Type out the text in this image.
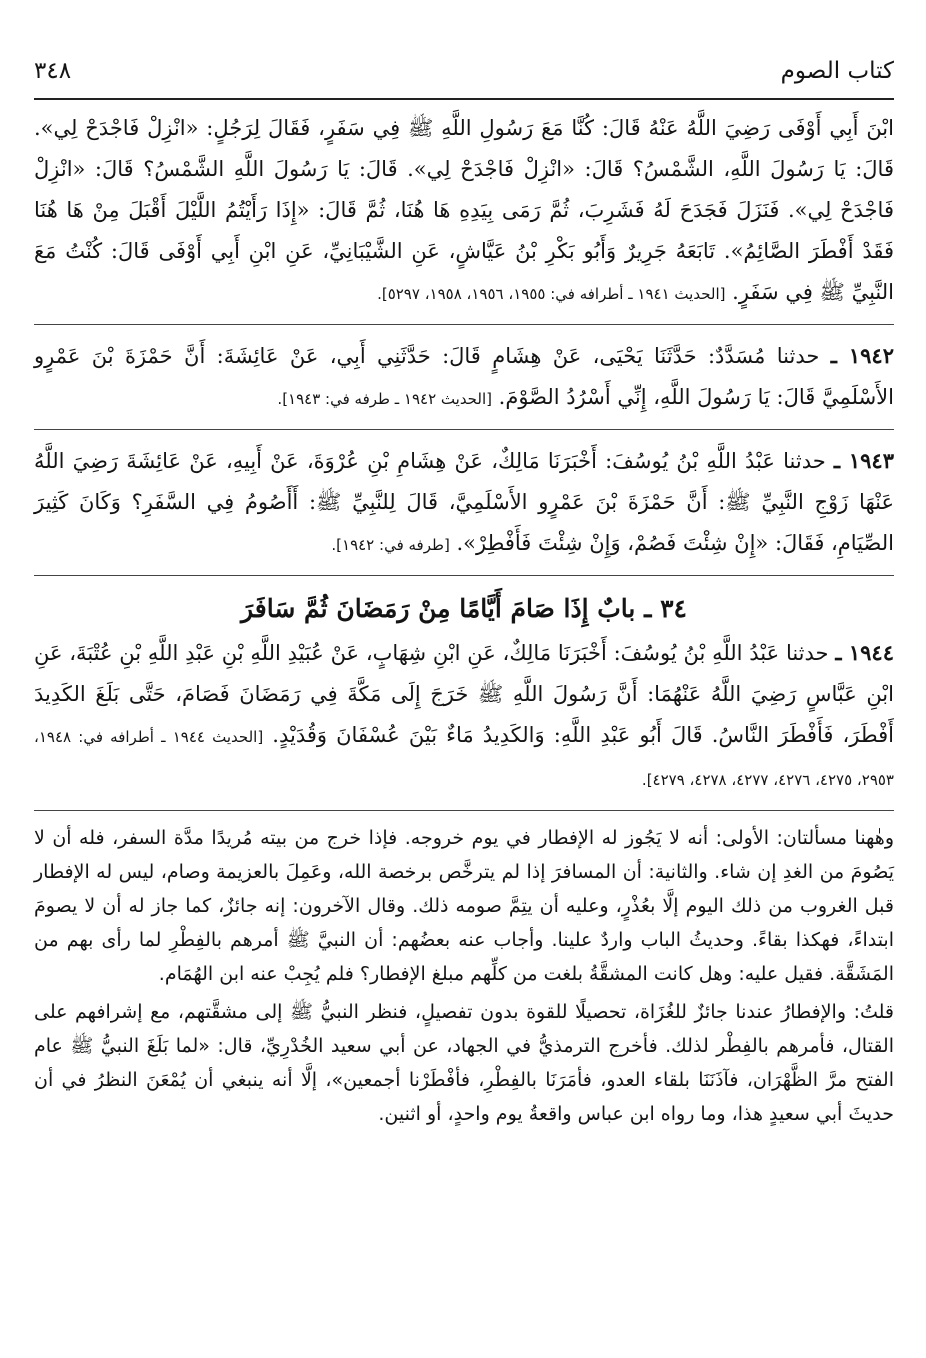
كتاب الصوم
٣٤٨

ابْنَ أَبِي أَوْفَى رَضِيَ اللَّهُ عَنْهُ قَالَ: كُنَّا مَعَ رَسُولِ اللَّهِ ﷺ فِي سَفَرٍ، فَقَالَ لِرَجُلٍ: «انْزِلْ فَاجْدَحْ لِي». قَالَ: يَا رَسُولَ اللَّهِ، الشَّمْسُ؟ قَالَ: «انْزِلْ فَاجْدَحْ لِي». قَالَ: يَا رَسُولَ اللَّهِ الشَّمْسُ؟ قَالَ: «انْزِلْ فَاجْدَحْ لِي». فَنَزَلَ فَجَدَحَ لَهُ فَشَرِبَ، ثُمَّ رَمَى بِيَدِهِ هَا هُنَا، ثُمَّ قَالَ: «إِذَا رَأَيْتُمُ اللَّيْلَ أَقْبَلَ مِنْ هَا هُنَا فَقَدْ أَفْطَرَ الصَّائِمُ». تَابَعَهُ جَرِيرٌ وَأَبُو بَكْرِ بْنُ عَيَّاشٍ، عَنِ الشَّيْبَانِيِّ، عَنِ ابْنِ أَبِي أَوْفَى قَالَ: كُنْتُ مَعَ النَّبِيِّ ﷺ فِي سَفَرٍ. [الحديث ١٩٤١ ـ أطرافه في: ١٩٥٥، ١٩٥٦، ١٩٥٨، ٥٢٩٧].

١٩٤٢ ـ حدثنا مُسَدَّدٌ: حَدَّثَنَا يَحْيَى، عَنْ هِشَامٍ قَالَ: حَدَّثَنِي أَبِي، عَنْ عَائِشَةَ: أَنَّ حَمْزَةَ بْنَ عَمْرٍو الأَسْلَمِيَّ قَالَ: يَا رَسُولَ اللَّهِ، إِنِّي أَسْرُدُ الصَّوْمَ. [الحديث ١٩٤٢ ـ طرفه في: ١٩٤٣].

١٩٤٣ ـ حدثنا عَبْدُ اللَّهِ بْنُ يُوسُفَ: أَخْبَرَنَا مَالِكٌ، عَنْ هِشَامِ بْنِ عُرْوَةَ، عَنْ أَبِيهِ، عَنْ عَائِشَةَ رَضِيَ اللَّهُ عَنْهَا زَوْجِ النَّبِيِّ ﷺ: أَنَّ حَمْزَةَ بْنَ عَمْرٍو الأَسْلَمِيَّ، قَالَ لِلنَّبِيِّ ﷺ: أَأَصُومُ فِي السَّفَرِ؟ وَكَانَ كَثِيرَ الصِّيَامِ، فَقَالَ: «إِنْ شِئْتَ فَصُمْ، وَإِنْ شِئْتَ فَأَفْطِرْ». [طرفه في: ١٩٤٢].

٣٤ ـ بابٌ إِذَا صَامَ أَيَّامًا مِنْ رَمَضَانَ ثُمَّ سَافَرَ

١٩٤٤ ـ حدثنا عَبْدُ اللَّهِ بْنُ يُوسُفَ: أَخْبَرَنَا مَالِكٌ، عَنِ ابْنِ شِهَابٍ، عَنْ عُبَيْدِ اللَّهِ بْنِ عَبْدِ اللَّهِ بْنِ عُتْبَةَ، عَنِ ابْنِ عَبَّاسٍ رَضِيَ اللَّهُ عَنْهُمَا: أَنَّ رَسُولَ اللَّهِ ﷺ خَرَجَ إِلَى مَكَّةَ فِي رَمَضَانَ فَصَامَ، حَتَّى بَلَغَ الكَدِيدَ أَفْطَرَ، فَأَفْطَرَ النَّاسُ. قَالَ أَبُو عَبْدِ اللَّهِ: وَالكَدِيدُ مَاءٌ بَيْنَ عُسْفَانَ وَقُدَيْدٍ. [الحديث ١٩٤٤ ـ أطرافه في: ١٩٤٨، ٢٩٥٣، ٤٢٧٥، ٤٢٧٦، ٤٢٧٧، ٤٢٧٨، ٤٢٧٩].

وهٰهنا مسألتان: الأولى: أنه لا يَجُوز له الإفطار في يوم خروجه. فإذا خرج من بيته مُريدًا مدَّة السفر، فله أن لا يَصُومَ من الغدِ إن شاء. والثانية: أن المسافرَ إذا لم يترخَّص برخصة الله، وعَمِلَ بالعزيمة وصام، ليس له الإفطار قبل الغروب من ذلك اليوم إلَّا بعُذْرٍ، وعليه أن يتِمَّ صومه ذلك. وقال الآخرون: إنه جائزٌ، كما جاز له أن لا يصومَ ابتداءً، فهكذا بقاءً. وحديثُ الباب واردٌ علينا. وأجاب عنه بعضُهم: أن النبيَّ ﷺ أمرهم بالفِطْرِ لما رأى بهم من المَشَقَّة. فقيل عليه: وهل كانت المشقَّةُ بلغت من كلِّهم مبلغ الإفطار؟ فلم يُجِبْ عنه ابن الهُمَام.

قلتُ: والإفطارُ عندنا جائزٌ للغُزَاة، تحصيلًا للقوة بدون تفصيلٍ، فنظر النبيُّ ﷺ إلى مشقَّتهم، مع إشرافهم على القتال، فأمرهم بالفِطْر لذلك. فأخرج الترمذيُّ في الجهاد، عن أبي سعيد الخُدْرِيِّ، قال: «لما بَلَغَ النبيُّ ﷺ عام الفتح مرَّ الظَّهْرَان، فآذَنَنَا بلقاء العدو، فأمَرَنَا بالفِطْرِ، فأفْطَرْنا أجمعين»، إلَّا أنه ينبغي أن يُمْعَنَ النظرُ في أن حديثَ أبي سعيدٍ هذا، وما رواه ابن عباس واقعةُ يوم واحدٍ، أو اثنين.
